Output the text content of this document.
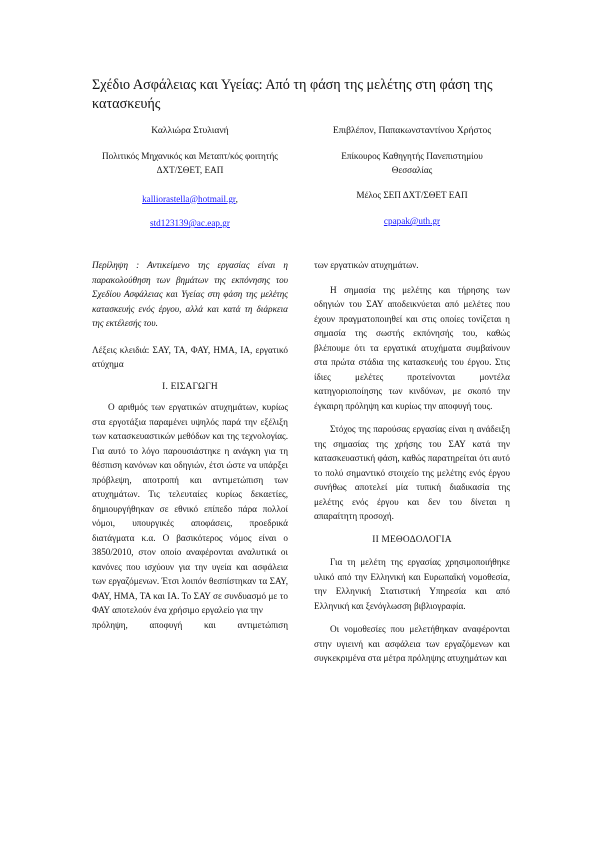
Σχέδιο Ασφάλειας και Υγείας: Από τη φάση της μελέτης στη φάση της κατασκευής

Καλλιώρα Στυλιανή

Πολιτικός Μηχανικός και Μεταπτ/κός φοιτητής ΔΧΤ/ΣΘΕΤ, ΕΑΠ

kalliorastella@hotmail.gr,

std123139@ac.eap.gr

Επιβλέπον, Παπακωνσταντίνου Χρήστος

Επίκουρος Καθηγητής Πανεπιστημίου Θεσσαλίας

Μέλος ΣΕΠ ΔΧΤ/ΣΘΕΤ ΕΑΠ

cpapak@uth.gr

Περίληψη : Αντικείμενο της εργασίας είναι η παρακολούθηση των βημάτων της εκπόνησης του Σχεδίου Ασφάλειας και Υγείας στη φάση της μελέτης κατασκευής ενός έργου, αλλά και κατά τη διάρκεια της εκτέλεσής του.

Λέξεις κλειδιά: ΣΑΥ, ΤΑ, ΦΑΥ, ΗΜΑ, ΙΑ, εργατικό ατύχημα

I. ΕΙΣΑΓΩΓΗ

Ο αριθμός των εργατικών ατυχημάτων, κυρίως στα εργοτάξια παραμένει υψηλός παρά την εξέλιξη των κατασκευαστικών μεθόδων και της τεχνολογίας. Για αυτό το λόγο παρουσιάστηκε η ανάγκη για τη θέσπιση κανόνων και οδηγιών, έτσι ώστε να υπάρξει πρόβλεψη, αποτροπή και αντιμετώπιση των ατυχημάτων. Τις τελευταίες κυρίως δεκαετίες, δημιουργήθηκαν σε εθνικό επίπεδο πάρα πολλοί νόμοι, υπουργικές αποφάσεις, προεδρικά διατάγματα κ.α. Ο βασικότερος νόμος είναι ο 3850/2010, στον οποίο αναφέρονται αναλυτικά οι κανόνες που ισχύουν για την υγεία και ασφάλεια των εργαζόμενων. Έτσι λοιπόν θεσπίστηκαν τα ΣΑΥ, ΦΑΥ, ΗΜΑ, ΤΑ και ΙΑ. Το ΣΑΥ σε συνδυασμό με το ΦΑΥ αποτελούν ένα χρήσιμο εργαλείο για την

πρόληψη, αποφυγή και αντιμετώπιση

των εργατικών ατυχημάτων.

Η σημασία της μελέτης και τήρησης των οδηγιών του ΣΑΥ αποδεικνύεται από μελέτες που έχουν πραγματοποιηθεί και στις οποίες τονίζεται η σημασία της σωστής εκπόνησής του, καθώς βλέπουμε ότι τα εργατικά ατυχήματα συμβαίνουν στα πρώτα στάδια της κατασκευής του έργου. Στις ίδιες μελέτες προτείνονται μοντέλα κατηγοριοποίησης των κινδύνων, με σκοπό την έγκαιρη πρόληψη και κυρίως την αποφυγή τους.

Στόχος της παρούσας εργασίας είναι η ανάδειξη της σημασίας της χρήσης του ΣΑΥ κατά την κατασκευαστική φάση, καθώς παρατηρείται ότι αυτό το πολύ σημαντικό στοιχείο της μελέτης ενός έργου συνήθως αποτελεί μία τυπική διαδικασία της μελέτης ενός έργου και δεν του δίνεται η απαραίτητη προσοχή.

II ΜΕΘΟΔΟΛΟΓΙΑ

Για τη μελέτη της εργασίας χρησιμοποιήθηκε υλικό από την Ελληνική και Ευρωπαϊκή νομοθεσία, την Ελληνική Στατιστική Υπηρεσία και από Ελληνική και ξενόγλωσση βιβλιογραφία.

Οι νομοθεσίες που μελετήθηκαν αναφέρονται στην υγιεινή και ασφάλεια των εργαζόμενων και συγκεκριμένα στα μέτρα πρόληψης ατυχημάτων και
